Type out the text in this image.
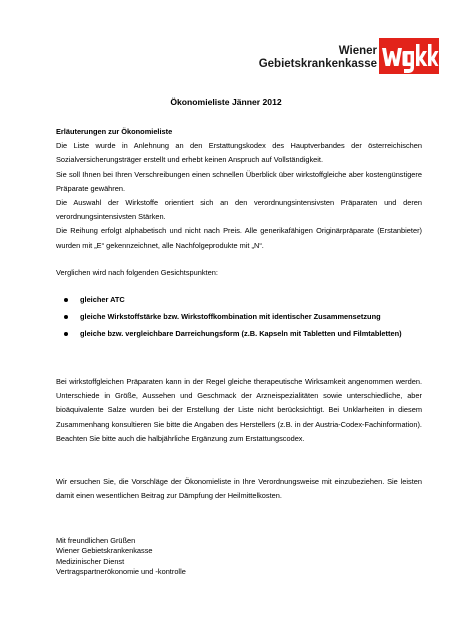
Wiener
Gebietskrankenkasse
Ökonomieliste Jänner 2012
Erläuterungen zur Ökonomieliste
Die Liste wurde in Anlehnung an den Erstattungskodex des Hauptverbandes der österreichischen Sozialversicherungsträger erstellt und erhebt keinen Anspruch auf Vollständigkeit.
Sie soll Ihnen bei Ihren Verschreibungen einen schnellen Überblick über wirkstoffgleiche aber kostengünstigere Präparate gewähren.
Die Auswahl der Wirkstoffe orientiert sich an den verordnungsintensivsten Präparaten und deren verordnungsintensivsten Stärken.
Die Reihung erfolgt alphabetisch und nicht nach Preis. Alle generikafähigen Originärpräparate (Erstanbieter) wurden mit „E“ gekennzeichnet, alle Nachfolgeprodukte mit „N“.
Verglichen wird nach folgenden Gesichtspunkten:
gleicher ATC
gleiche Wirkstoffstärke bzw. Wirkstoffkombination mit identischer Zusammensetzung
gleiche bzw. vergleichbare Darreichungsform (z.B. Kapseln mit Tabletten und Filmtabletten)
Bei wirkstoffgleichen Präparaten kann in der Regel gleiche therapeutische Wirksamkeit angenommen werden. Unterschiede in Größe, Aussehen und Geschmack der Arzneispezialitäten sowie unterschiedliche, aber bioäquivalente Salze wurden bei der Erstellung der Liste nicht berücksichtigt. Bei Unklarheiten in diesem Zusammenhang konsultieren Sie bitte die Angaben des Herstellers (z.B. in der Austria-Codex-Fachinformation). Beachten Sie bitte auch die halbjährliche Ergänzung zum Erstattungscodex.
Wir ersuchen Sie, die Vorschläge der Ökonomieliste in Ihre Verordnungsweise mit einzubeziehen. Sie leisten damit einen wesentlichen Beitrag zur Dämpfung der Heilmittelkosten.
Mit freundlichen Grüßen
Wiener Gebietskrankenkasse
Medizinischer Dienst
Vertragspartnerökonomie und -kontrolle
